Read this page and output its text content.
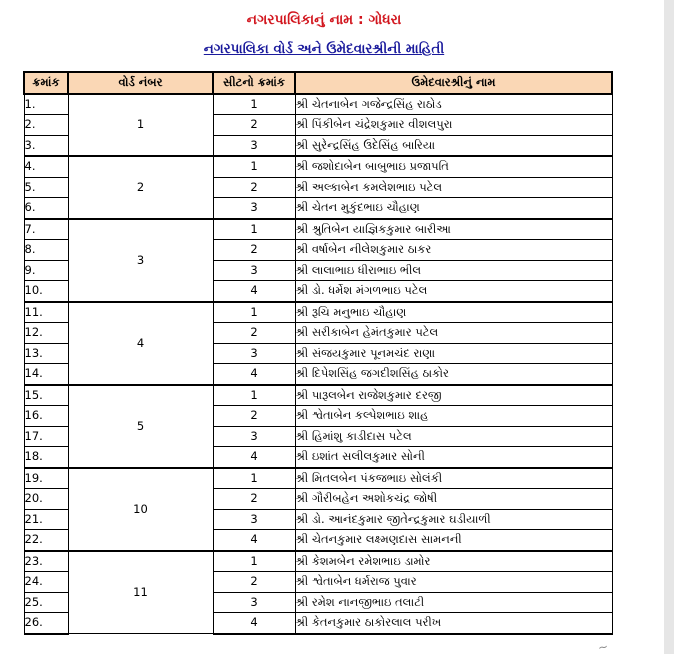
નગરપાલિકાનું નામ : ગોધરા
નગરપાલિકા વોર્ડ અને ઉમેદવારશ્રીની માહિતી
ક્રમાંક	વોર્ડ નંબર	સીટનો ક્રમાંક	ઉમેદવારશ્રીનું નામ
1.	1	1	શ્રી ચેતનાબેન ગજેન્દ્રસિંહ રાઠોડ
2.		2	શ્રી પિંકીબેન ચંદ્રેશકુમાર વીશલપુરા
3.		3	શ્રી સુરેન્દ્રસિંહ ઉદેસિંહ બારિયા
4.	2	1	શ્રી જશોદાબેન બાબુભાઇ પ્રજાપતિ
5.		2	શ્રી અલ્કાબેન કમલેશભાઇ પટેલ
6.		3	શ્રી ચેતન મુકુંદભાઇ ચૌહાણ
7.	3	1	શ્રી શ્રુતિબેન યાજ્ઞિકકુમાર બારીઆ
8.		2	શ્રી વર્ષાબેન નીલેશકુમાર ઠાકર
9.		3	શ્રી લાલાભાઇ ધીરાભાઇ ભીલ
10.		4	શ્રી ડો. ધર્મેશ મંગળભાઇ પટેલ
11.	4	1	શ્રી રૂચિ મનુભાઇ ચૌહાણ
12.		2	શ્રી સરીકાબેન હેમંતકુમાર પટેલ
13.		3	શ્રી સંજયકુમાર પૂનમચંદ રાણા
14.		4	શ્રી દિપેશસિંહ જગદીશસિંહ ઠાકોર
15.	5	1	શ્રી પારૂલબેન રાજેશકુમાર દરજી
16.		2	શ્રી શ્વેતાબેન કલ્પેશભાઇ શાહ
17.		3	શ્રી હિમાંશુ કાડીદાસ પટેલ
18.		4	શ્રી ઇશાંત સલીલકુમાર સોની
19.	10	1	શ્રી મિતલબેન પંકજભાઇ સોલંકી
20.		2	શ્રી ગૌરીબહેન અશોકચંદ્ર જોષી
21.		3	શ્રી ડો. આનંદકુમાર જીતેન્દ્રકુમાર ઘડીયાળી
22.		4	શ્રી ચેતનકુમાર લક્ષ્મણદાસ સામનની
23.	11	1	શ્રી કેશમબેન રમેશભાઇ ડામોર
24.		2	શ્રી શ્વેતાબેન ધર્મરાજ પુવાર
25.		3	શ્રી રમેશ નાનજીભાઇ તલાટી
26.		4	શ્રી કેતનકુમાર ઠાકોરલાલ પરીખ
~
